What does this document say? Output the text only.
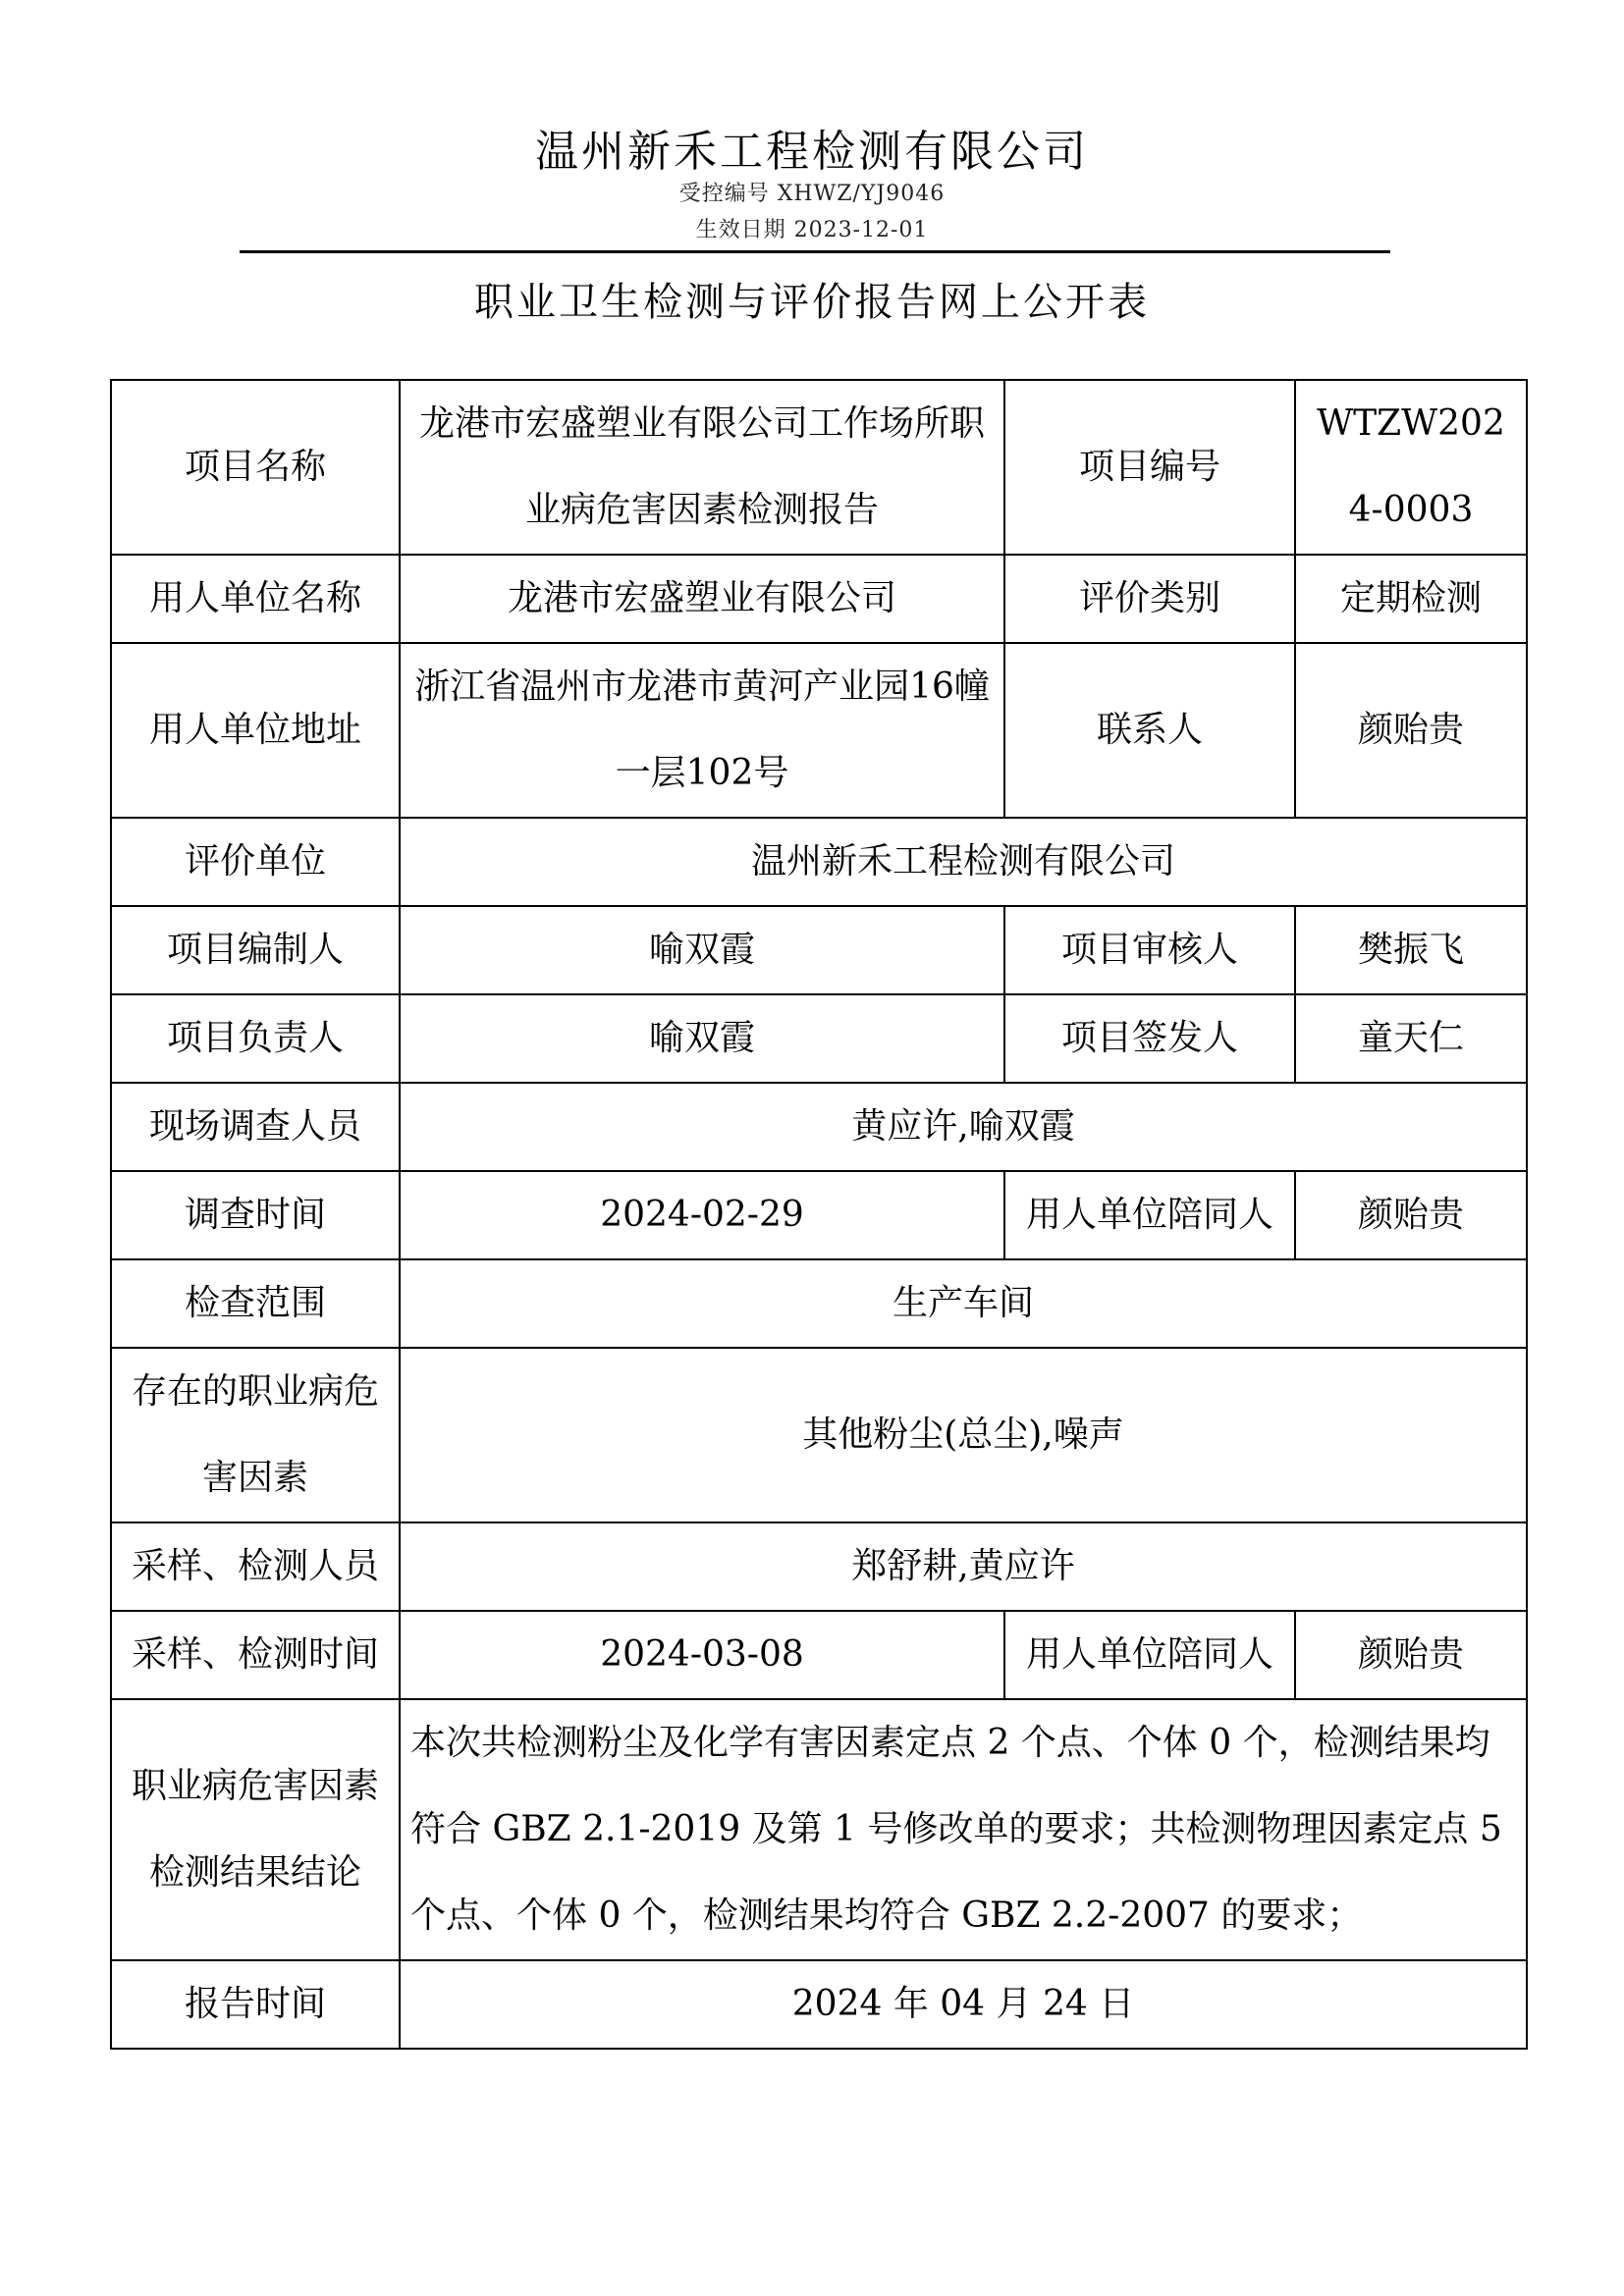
温州新禾工程检测有限公司
受控编号 XHWZ/YJ9046
生效日期 2023-12-01
职业卫生检测与评价报告网上公开表
项目名称	龙港市宏盛塑业有限公司工作场所职业病危害因素检测报告	项目编号	WTZW2024-0003
用人单位名称	龙港市宏盛塑业有限公司	评价类别	定期检测
用人单位地址	浙江省温州市龙港市黄河产业园16幢一层102号	联系人	颜贻贵
评价单位	温州新禾工程检测有限公司		
项目编制人	喻双霞	项目审核人	樊振飞
项目负责人	喻双霞	项目签发人	童天仁
现场调查人员	黄应许,喻双霞		
调查时间	2024-02-29	用人单位陪同人	颜贻贵
检查范围	生产车间		
存在的职业病危害因素	其他粉尘(总尘),噪声		
采样、检测人员	郑舒耕,黄应许		
采样、检测时间	2024-03-08	用人单位陪同人	颜贻贵
职业病危害因素检测结果结论	本次共检测粉尘及化学有害因素定点 2 个点、个体 0 个，检测结果均符合 GBZ 2.1-2019 及第 1 号修改单的要求；共检测物理因素定点 5 个点、个体 0 个，检测结果均符合 GBZ 2.2-2007 的要求；		
报告时间	2024 年 04 月 24 日		
